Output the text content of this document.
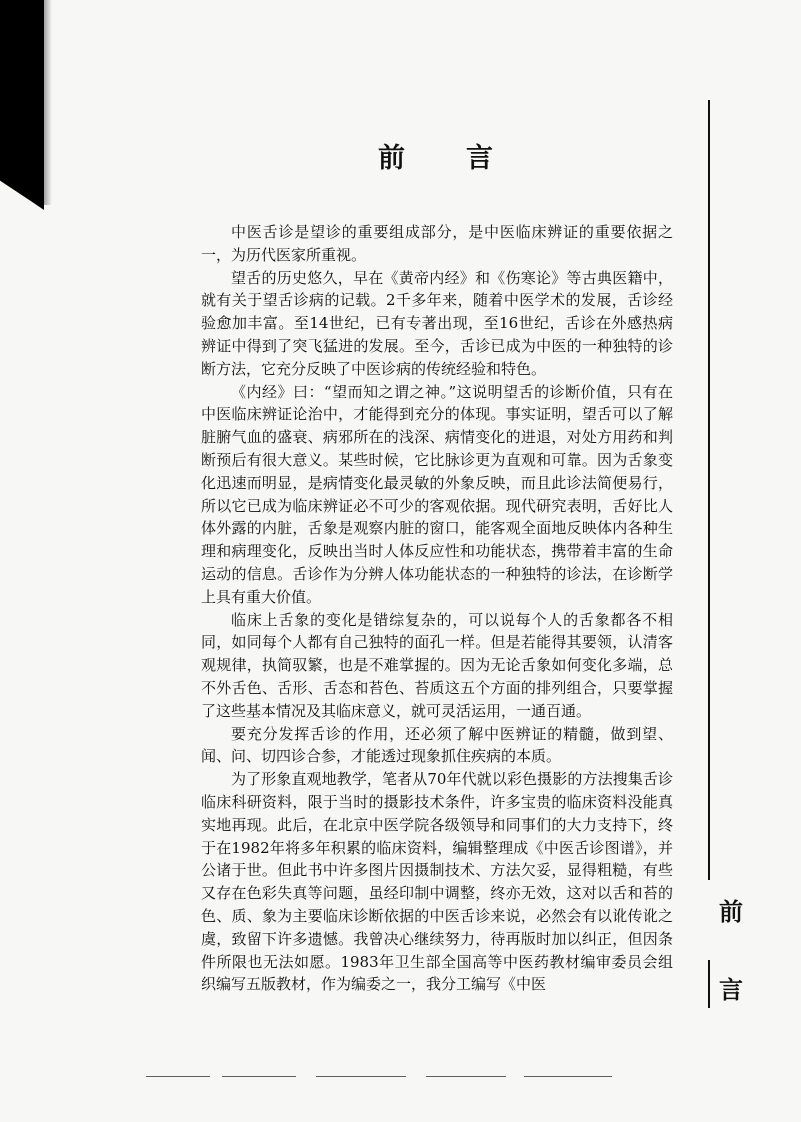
前 言

中医舌诊是望诊的重要组成部分，是中医临床辨证的重要依据之一，为历代医家所重视。

望舌的历史悠久，早在《黄帝内经》和《伤寒论》等古典医籍中，就有关于望舌诊病的记载。2千多年来，随着中医学术的发展，舌诊经验愈加丰富。至14世纪，已有专著出现，至16世纪，舌诊在外感热病辨证中得到了突飞猛进的发展。至今，舌诊已成为中医的一种独特的诊断方法，它充分反映了中医诊病的传统经验和特色。

《内经》曰：“望而知之谓之神。”这说明望舌的诊断价值，只有在中医临床辨证论治中，才能得到充分的体现。事实证明，望舌可以了解脏腑气血的盛衰、病邪所在的浅深、病情变化的进退，对处方用药和判断预后有很大意义。某些时候，它比脉诊更为直观和可靠。因为舌象变化迅速而明显，是病情变化最灵敏的外象反映，而且此诊法简便易行，所以它已成为临床辨证必不可少的客观依据。现代研究表明，舌好比人体外露的内脏，舌象是观察内脏的窗口，能客观全面地反映体内各种生理和病理变化，反映出当时人体反应性和功能状态，携带着丰富的生命运动的信息。舌诊作为分辨人体功能状态的一种独特的诊法，在诊断学上具有重大价值。

临床上舌象的变化是错综复杂的，可以说每个人的舌象都各不相同，如同每个人都有自己独特的面孔一样。但是若能得其要领，认清客观规律，执简驭繁，也是不难掌握的。因为无论舌象如何变化多端，总不外舌色、舌形、舌态和苔色、苔质这五个方面的排列组合，只要掌握了这些基本情况及其临床意义，就可灵活运用，一通百通。

要充分发挥舌诊的作用，还必须了解中医辨证的精髓，做到望、闻、问、切四诊合参，才能透过现象抓住疾病的本质。

为了形象直观地教学，笔者从70年代就以彩色摄影的方法搜集舌诊临床科研资料，限于当时的摄影技术条件，许多宝贵的临床资料没能真实地再现。此后，在北京中医学院各级领导和同事们的大力支持下，终于在1982年将多年积累的临床资料，编辑整理成《中医舌诊图谱》，并公诸于世。但此书中许多图片因摄制技术、方法欠妥，显得粗糙，有些又存在色彩失真等问题，虽经印制中调整，终亦无效，这对以舌和苔的色、质、象为主要临床诊断依据的中医舌诊来说，必然会有以讹传讹之虞，致留下许多遗憾。我曾决心继续努力，待再版时加以纠正，但因条件所限也无法如愿。1983年卫生部全国高等中医药教材编审委员会组织编写五版教材，作为编委之一，我分工编写《中医

前
言
